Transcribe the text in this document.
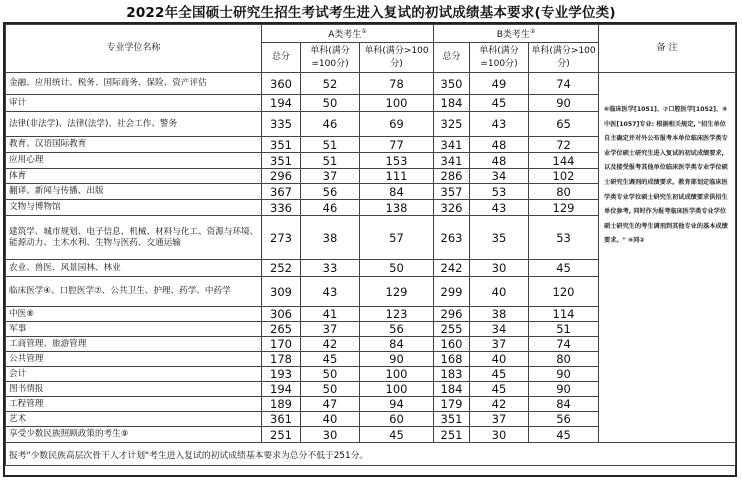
2022年全国硕士研究生招生考试考生进入复试的初试成绩基本要求(专业学位类)
专业学位名称	A类考生①			B类考生②			备 注
	总分	单科(满分=100分)	单科(满分>100分)	总分	单科(满分=100分)	单科(满分>100分)	
金融、应用统计、税务、国际商务、保险、资产评估	360	52	78	350	49	74	⑥临床医学[1051]、⑦口腔医学[1052]、⑧中医[1057]专业: 根据相关规定, "招生单位自主确定并对外公布报考本单位临床医学类专业学位硕士研究生进入复试的初试成绩要求, 以及接受报考其他单位临床医学类专业学位硕士研究生调剂的成绩要求。教育部划定临床医学类专业学位硕士研究生初试成绩要求供招生单位参考, 同时作为报考临床医学类专业学位硕士研究生的考生调剂到其他专业的基本成绩要求。" ⑨同②
审计	194	50	100	184	45	90	
法律(非法学)、法律(法学)、社会工作、警务	335	46	69	325	43	65	
教育、汉语国际教育	351	51	77	341	48	72	
应用心理	351	51	153	341	48	144	
体育	296	37	111	286	34	102	
翻译、新闻与传播、出版	367	56	84	357	53	80	
文物与博物馆	336	46	138	326	43	129	
建筑学、城市规划、电子信息、机械、材料与化工、资源与环境、能源动力、土木水利、生物与医药、交通运输	273	38	57	263	35	53	
农业、兽医、风景园林、林业	252	33	50	242	30	45	
临床医学④、口腔医学⑦、公共卫生、护理、药学、中药学	309	43	129	299	40	120	
中医⑧	306	41	123	296	38	114	
军事	265	37	56	255	34	51	
工商管理、旅游管理	170	42	84	160	37	74	
公共管理	178	45	90	168	40	80	
会计	193	50	100	183	45	90	
图书情报	194	50	100	184	45	90	
工程管理	189	47	94	179	42	84	
艺术	361	40	60	351	37	56	
享受少数民族照顾政策的考生⑨	251	30	45	251	30	45	
报考"少数民族高层次骨干人才计划"考生进入复试的初试成绩基本要求为总分不低于251分。							
